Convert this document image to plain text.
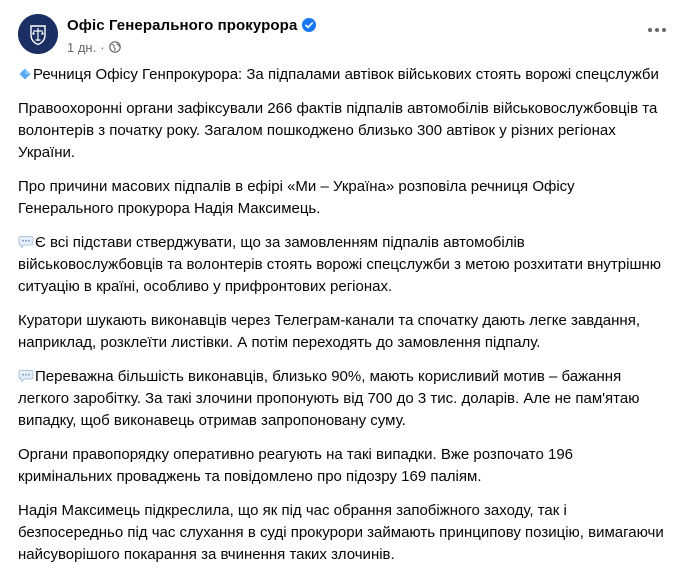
Офіс Генерального прокурора
1 дн. ·

Речниця Офісу Генпрокурора: За підпалами автівок військових стоять ворожі спецслужби

Правоохоронні органи зафіксували 266 фактів підпалів автомобілів військовослужбовців та волонтерів з початку року. Загалом пошкоджено близько 300 автівок у різних регіонах України.

Про причини масових підпалів в ефірі «Ми – Україна» розповіла речниця Офісу Генерального прокурора Надія Максимець.

Є всі підстави стверджувати, що за замовленням підпалів автомобілів військовослужбовців та волонтерів стоять ворожі спецслужби з метою розхитати внутрішню ситуацію в країні, особливо у прифронтових регіонах.

Куратори шукають виконавців через Телеграм-канали та спочатку дають легке завдання, наприклад, розклеїти листівки. А потім переходять до замовлення підпалу.

Переважна більшість виконавців, близько 90%, мають корисливий мотив – бажання легкого заробітку. За такі злочини пропонують від 700 до 3 тис. доларів. Але не пам'ятаю випадку, щоб виконавець отримав запропоновану суму.

Органи правопорядку оперативно реагують на такі випадки. Вже розпочато 196 кримінальних проваджень та повідомлено про підозру 169 паліям.

Надія Максимець підкреслила, що як під час обрання запобіжного заходу, так і безпосередньо під час слухання в суді прокурори займають принципову позицію, вимагаючи найсуворішого покарання за вчинення таких злочинів.
